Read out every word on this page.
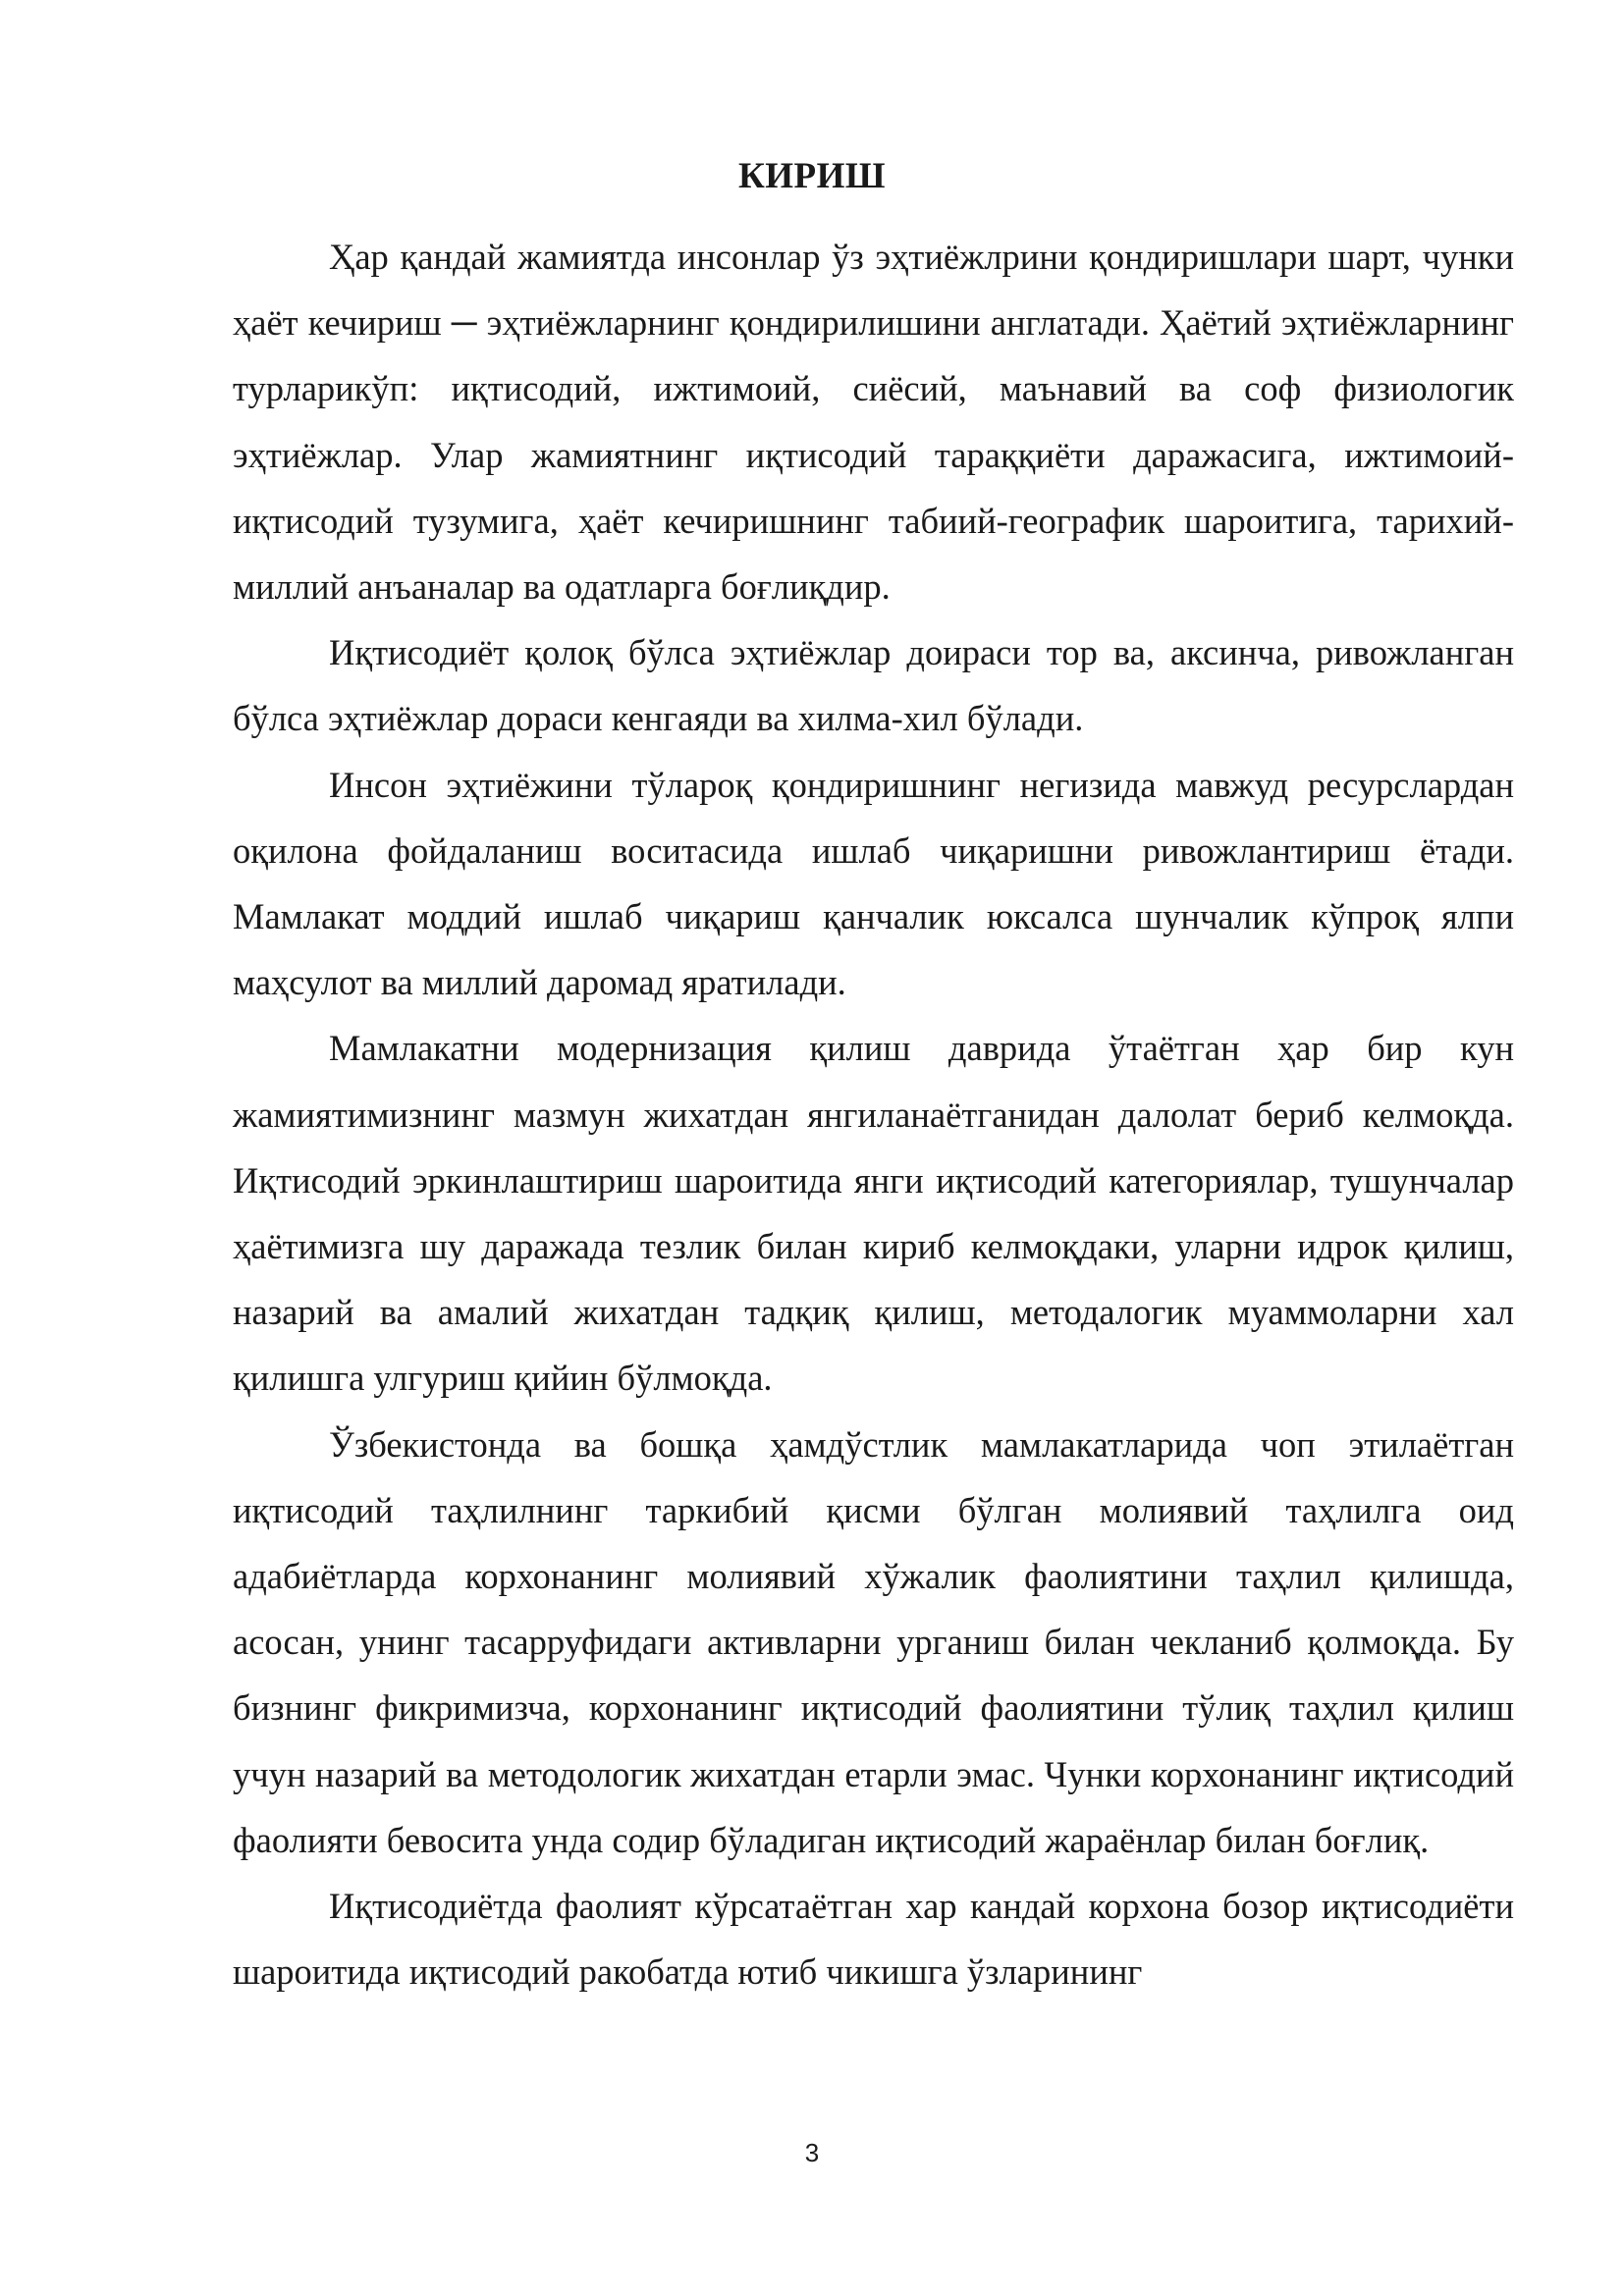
КИРИШ

Ҳар қандай жамиятда инсонлар ўз эҳтиёжлрини қондиришлари шарт, чунки ҳаёт кечириш ─ эҳтиёжларнинг қондирилишини англатади. Ҳаётий эҳтиёжларнинг турларикўп: иқтисодий, ижтимоий, сиёсий, маънавий ва соф физиологик эҳтиёжлар. Улар жамиятнинг иқтисодий тараққиёти даражасига, ижтимоий-иқтисодий тузумига, ҳаёт кечиришнинг табиий-географик шароитига, тарихий-миллий анъаналар ва одатларга боғлиқдир.

Иқтисодиёт қолоқ бўлса эҳтиёжлар доираси тор ва, аксинча, ривожланган бўлса эҳтиёжлар дораси кенгаяди ва хилма-хил бўлади.

Инсон эҳтиёжини тўлароқ қондиришнинг негизида мавжуд ресурслардан оқилона фойдаланиш воситасида ишлаб чиқаришни ривожлантириш ётади. Мамлакат моддий ишлаб чиқариш қанчалик юксалса шунчалик кўпроқ ялпи маҳсулот ва миллий даромад яратилади.

Мамлакатни модернизация қилиш даврида ўтаётган ҳар бир кун жамиятимизнинг мазмун жихатдан янгиланаётганидан далолат бериб келмоқда. Иқтисодий эркинлаштириш шароитида янги иқтисодий категориялар, тушунчалар ҳаётимизга шу даражада тезлик билан кириб келмоқдаки, уларни идрок қилиш, назарий ва амалий жихатдан тадқиқ қилиш, методалогик муаммоларни хал қилишга улгуриш қийин бўлмоқда.

Ўзбекистонда ва бошқа ҳамдўстлик мамлакатларида чоп этилаётган иқтисодий таҳлилнинг таркибий қисми бўлган молиявий таҳлилга оид адабиётларда корхонанинг молиявий хўжалик фаолиятини таҳлил қилишда, асосан, унинг тасарруфидаги активларни урганиш билан чекланиб қолмоқда. Бу бизнинг фикримизча, корхонанинг иқтисодий фаолиятини тўлиқ таҳлил қилиш учун назарий ва методологик жихатдан етарли эмас. Чунки корхонанинг иқтисодий фаолияти бевосита унда содир бўладиган иқтисодий жараёнлар билан боғлиқ.

Иқтисодиётда фаолият кўрсатаётган хар кандай корхона бозор иқтисодиёти шароитида иқтисодий ракобатда ютиб чикишга ўзларининг

3
